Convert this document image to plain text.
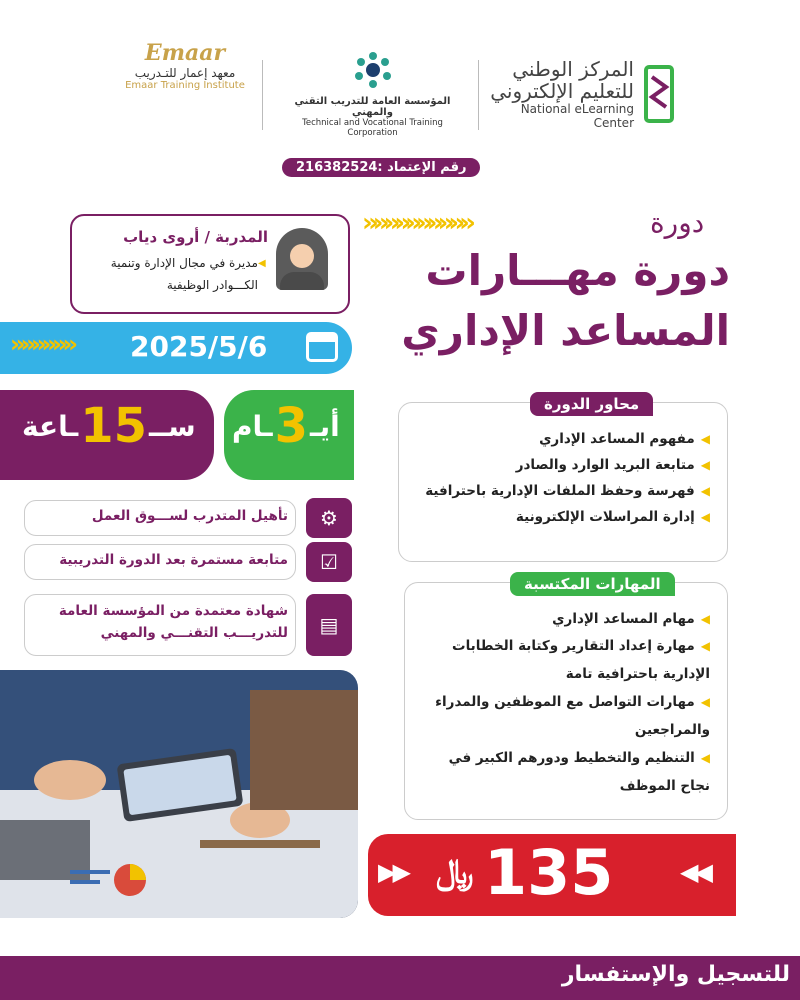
Emaar
معهد إعمار للتـدريب
Emaar Training Institute
المؤسسة العامة للتدريب التقني والمهني
Technical and Vocational Training Corporation
المركز الوطني
للتعليم الإلكتروني
National eLearning Center
رقم الإعتماد :216382524
»»»»»»»»»»	دورة
دورة مهـــارات
المساعد الإداري
المدربة / أروى دياب
مديرة في مجال الإدارة وتنمية ◀
الكـــوادر الوظيفية
»»»»»» 2025/5/6
ـاعة 15 ســ ـام 3 أيـ
تأهيل المتدرب لســـوق العمل	⚙
متابعة مستمرة بعد الدورة التدريبية	☑
شهادة معتمدة من المؤسسة العامة للتدريـــب التقنـــي والمهني	▤
محاور الدورة
◀مفهوم المساعد الإداري
◀متابعة البريد الوارد والصادر
◀فهرسة وحفظ الملفات الإدارية باحترافية
◀إدارة المراسلات الإلكترونية
المهارات المكتسبة
◀مهام المساعد الإداري
◀مهارة إعداد التقارير وكتابة الخطابات الإدارية باحترافية تامة
◀مهارات التواصل مع الموظفين والمدراء والمراجعين
◀التنظيم والتخطيط ودورهم الكبير في نجاح الموظف
◀◀
135
﷼
▶▶
للتسجيل والإستفسار
